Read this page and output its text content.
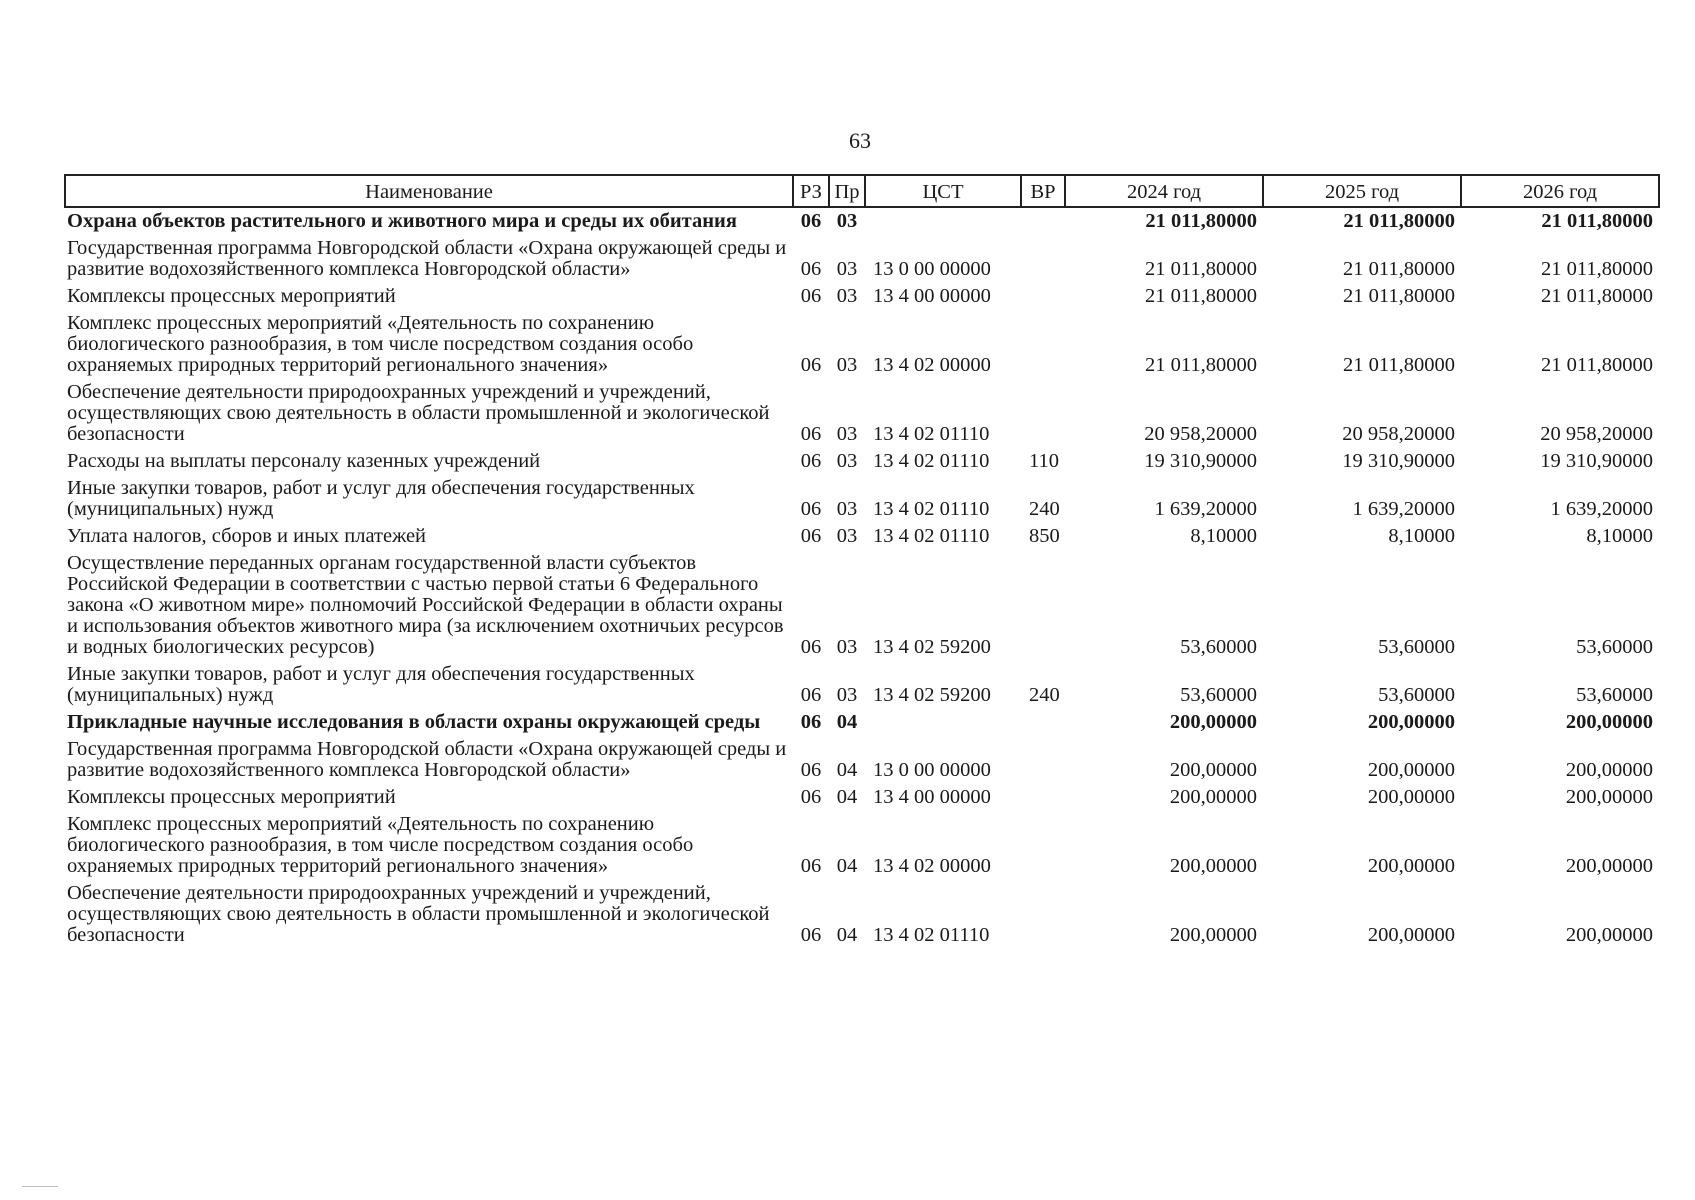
63
Наименование	РЗ	Пр	ЦСТ	ВР	2024 год	2025 год	2026 год
Охрана объектов растительного и животного мира и среды их обитания	06	03			21 011,80000	21 011,80000	21 011,80000
Государственная программа Новгородской области «Охрана окружающей среды и развитие водохозяйственного комплекса Новгородской области»	06	03	13 0 00 00000		21 011,80000	21 011,80000	21 011,80000
Комплексы процессных мероприятий	06	03	13 4 00 00000		21 011,80000	21 011,80000	21 011,80000
Комплекс процессных мероприятий «Деятельность по сохранению биологического разнообразия, в том числе посредством создания особо охраняемых природных территорий регионального значения»	06	03	13 4 02 00000		21 011,80000	21 011,80000	21 011,80000
Обеспечение деятельности природоохранных учреждений и учреждений, осуществляющих свою деятельность в области промышленной и экологической безопасности	06	03	13 4 02 01110		20 958,20000	20 958,20000	20 958,20000
Расходы на выплаты персоналу казенных учреждений	06	03	13 4 02 01110	110	19 310,90000	19 310,90000	19 310,90000
Иные закупки товаров, работ и услуг для обеспечения государственных (муниципальных) нужд	06	03	13 4 02 01110	240	1 639,20000	1 639,20000	1 639,20000
Уплата налогов, сборов и иных платежей	06	03	13 4 02 01110	850	8,10000	8,10000	8,10000
Осуществление переданных органам государственной власти субъектов Российской Федерации в соответствии с частью первой статьи 6 Федерального закона «О животном мире» полномочий Российской Федерации в области охраны и использования объектов животного мира (за исключением охотничьих ресурсов и водных биологических ресурсов)	06	03	13 4 02 59200		53,60000	53,60000	53,60000
Иные закупки товаров, работ и услуг для обеспечения государственных (муниципальных) нужд	06	03	13 4 02 59200	240	53,60000	53,60000	53,60000
Прикладные научные исследования в области охраны окружающей среды	06	04			200,00000	200,00000	200,00000
Государственная программа Новгородской области «Охрана окружающей среды и развитие водохозяйственного комплекса Новгородской области»	06	04	13 0 00 00000		200,00000	200,00000	200,00000
Комплексы процессных мероприятий	06	04	13 4 00 00000		200,00000	200,00000	200,00000
Комплекс процессных мероприятий «Деятельность по сохранению биологического разнообразия, в том числе посредством создания особо охраняемых природных территорий регионального значения»	06	04	13 4 02 00000		200,00000	200,00000	200,00000
Обеспечение деятельности природоохранных учреждений и учреждений, осуществляющих свою деятельность в области промышленной и экологической безопасности	06	04	13 4 02 01110		200,00000	200,00000	200,00000
